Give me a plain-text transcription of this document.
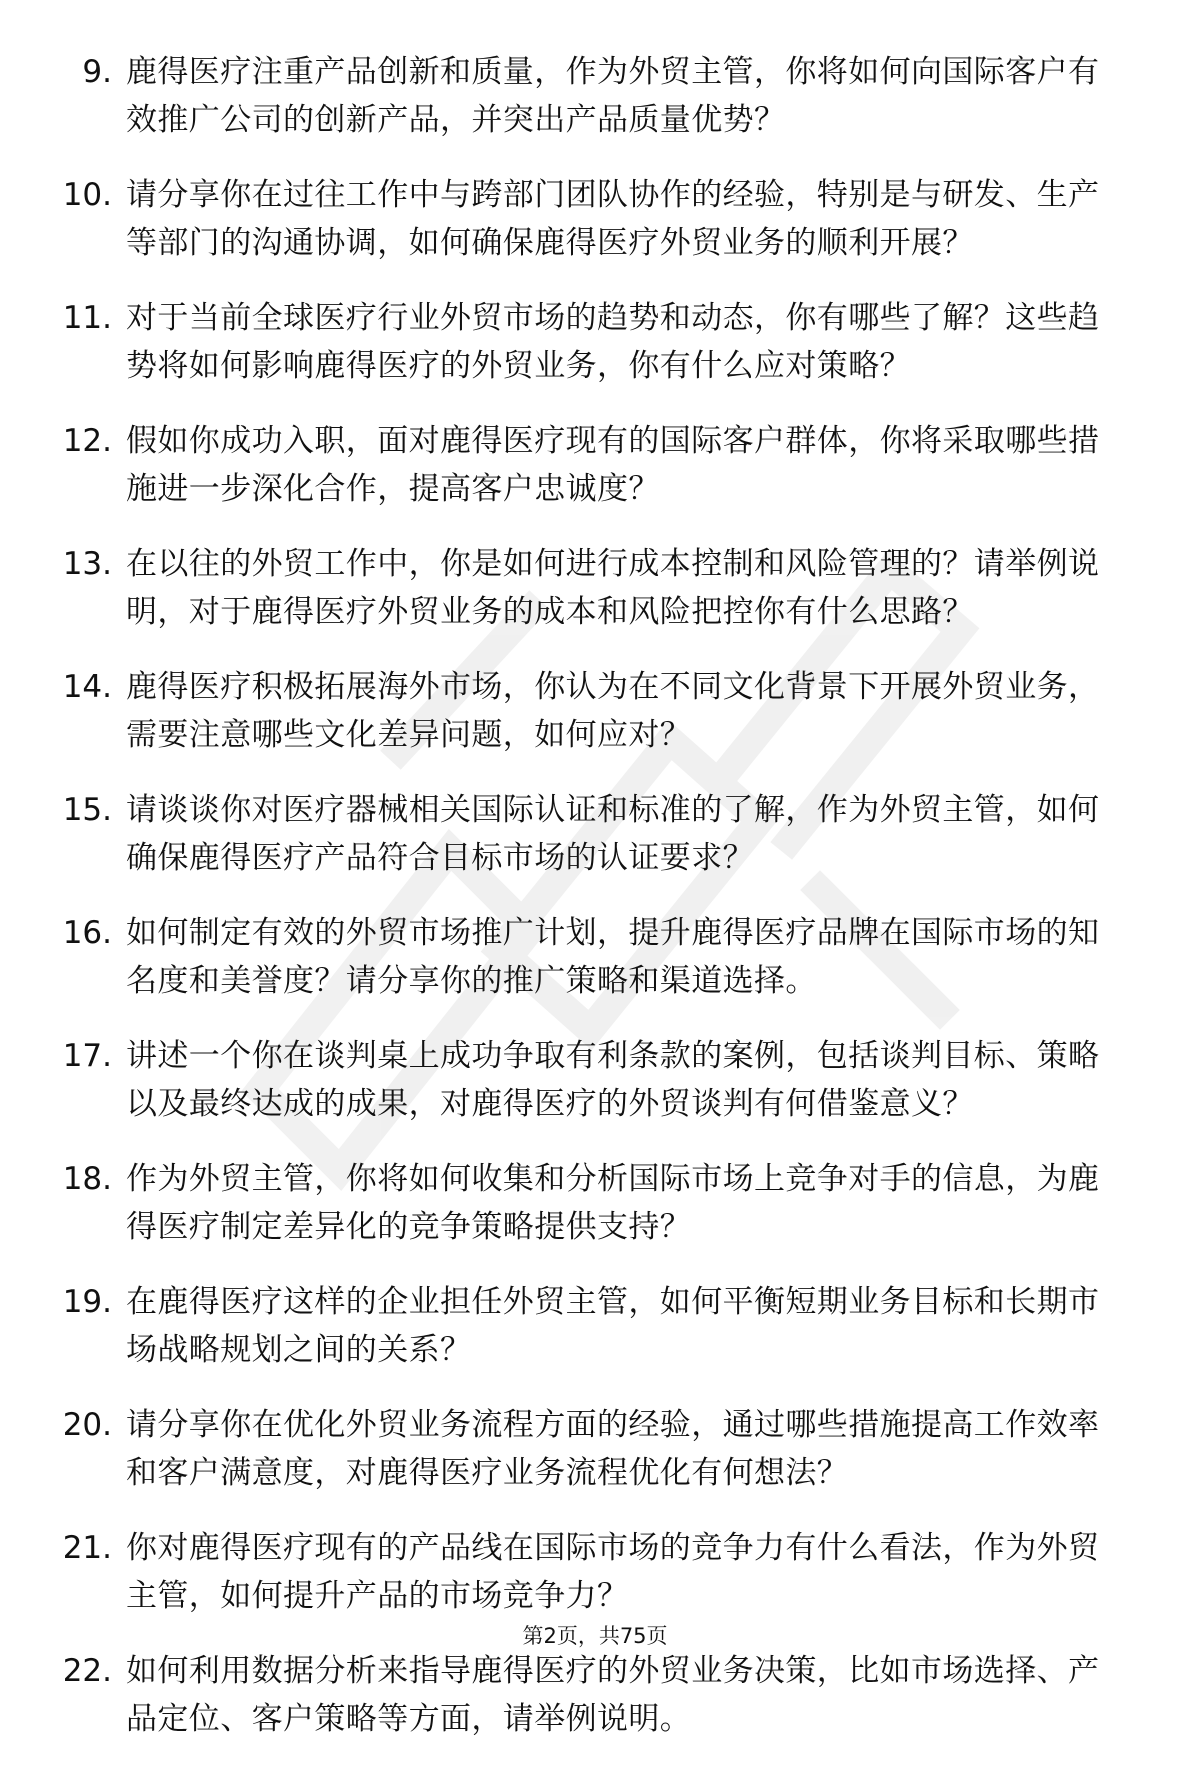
9. 鹿得医疗注重产品创新和质量，作为外贸主管，你将如何向国际客户有效推广公司的创新产品，并突出产品质量优势？
10. 请分享你在过往工作中与跨部门团队协作的经验，特别是与研发、生产等部门的沟通协调，如何确保鹿得医疗外贸业务的顺利开展？
11. 对于当前全球医疗行业外贸市场的趋势和动态，你有哪些了解？这些趋势将如何影响鹿得医疗的外贸业务，你有什么应对策略？
12. 假如你成功入职，面对鹿得医疗现有的国际客户群体，你将采取哪些措施进一步深化合作，提高客户忠诚度？
13. 在以往的外贸工作中，你是如何进行成本控制和风险管理的？请举例说明，对于鹿得医疗外贸业务的成本和风险把控你有什么思路？
14. 鹿得医疗积极拓展海外市场，你认为在不同文化背景下开展外贸业务，需要注意哪些文化差异问题，如何应对？
15. 请谈谈你对医疗器械相关国际认证和标准的了解，作为外贸主管，如何确保鹿得医疗产品符合目标市场的认证要求？
16. 如何制定有效的外贸市场推广计划，提升鹿得医疗品牌在国际市场的知名度和美誉度？请分享你的推广策略和渠道选择。
17. 讲述一个你在谈判桌上成功争取有利条款的案例，包括谈判目标、策略以及最终达成的成果，对鹿得医疗的外贸谈判有何借鉴意义？
18. 作为外贸主管，你将如何收集和分析国际市场上竞争对手的信息，为鹿得医疗制定差异化的竞争策略提供支持？
19. 在鹿得医疗这样的企业担任外贸主管，如何平衡短期业务目标和长期市场战略规划之间的关系？
20. 请分享你在优化外贸业务流程方面的经验，通过哪些措施提高工作效率和客户满意度，对鹿得医疗业务流程优化有何想法？
21. 你对鹿得医疗现有的产品线在国际市场的竞争力有什么看法，作为外贸主管，如何提升产品的市场竞争力？
22. 如何利用数据分析来指导鹿得医疗的外贸业务决策，比如市场选择、产品定位、客户策略等方面，请举例说明。
第2页，共75页
